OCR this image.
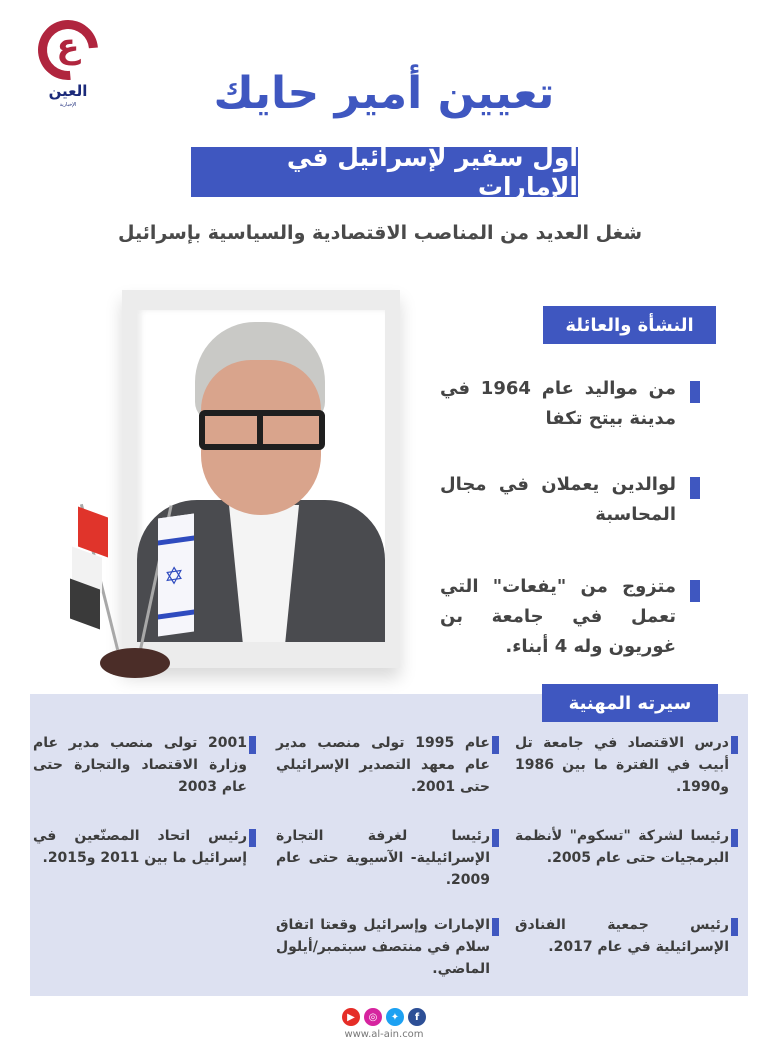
ع
العين
الإخبارية	تعيين أمير حايك
أول سفير لإسرائيل في الإمارات
شغل العديد من المناصب الاقتصادية والسياسية بإسرائيل
✡
النشأة والعائلة
من مواليد عام 1964 في مدينة بيتح تكفا
لوالدين يعملان في مجال المحاسبة
متزوج من "يفعات" التي تعمل في جامعة بن غوريون وله 4 أبناء.
سيرته المهنية
درس الاقتصاد في جامعة تل أبيب في الفترة ما بين 1986 و1990.
رئيسا لشركة "تسكوم" لأنظمة البرمجيات حتى عام 2005.
رئيس جمعية الفنادق الإسرائيلية في عام 2017.
عام 1995 تولى منصب مدير عام معهد التصدير الإسرائيلي حتى 2001.
رئيسا لغرفة التجارة الإسرائيلية- الآسيوية حتى عام 2009.
الإمارات وإسرائيل وقعتا اتفاق سلام في منتصف سبتمبر/أيلول الماضي.
2001 تولى منصب مدير عام وزارة الاقتصاد والتجارة حتى عام 2003
رئيس اتحاد المصنّعين في إسرائيل ما بين 2011 و2015.
▶	◎	✦	f
www.al-ain.com
